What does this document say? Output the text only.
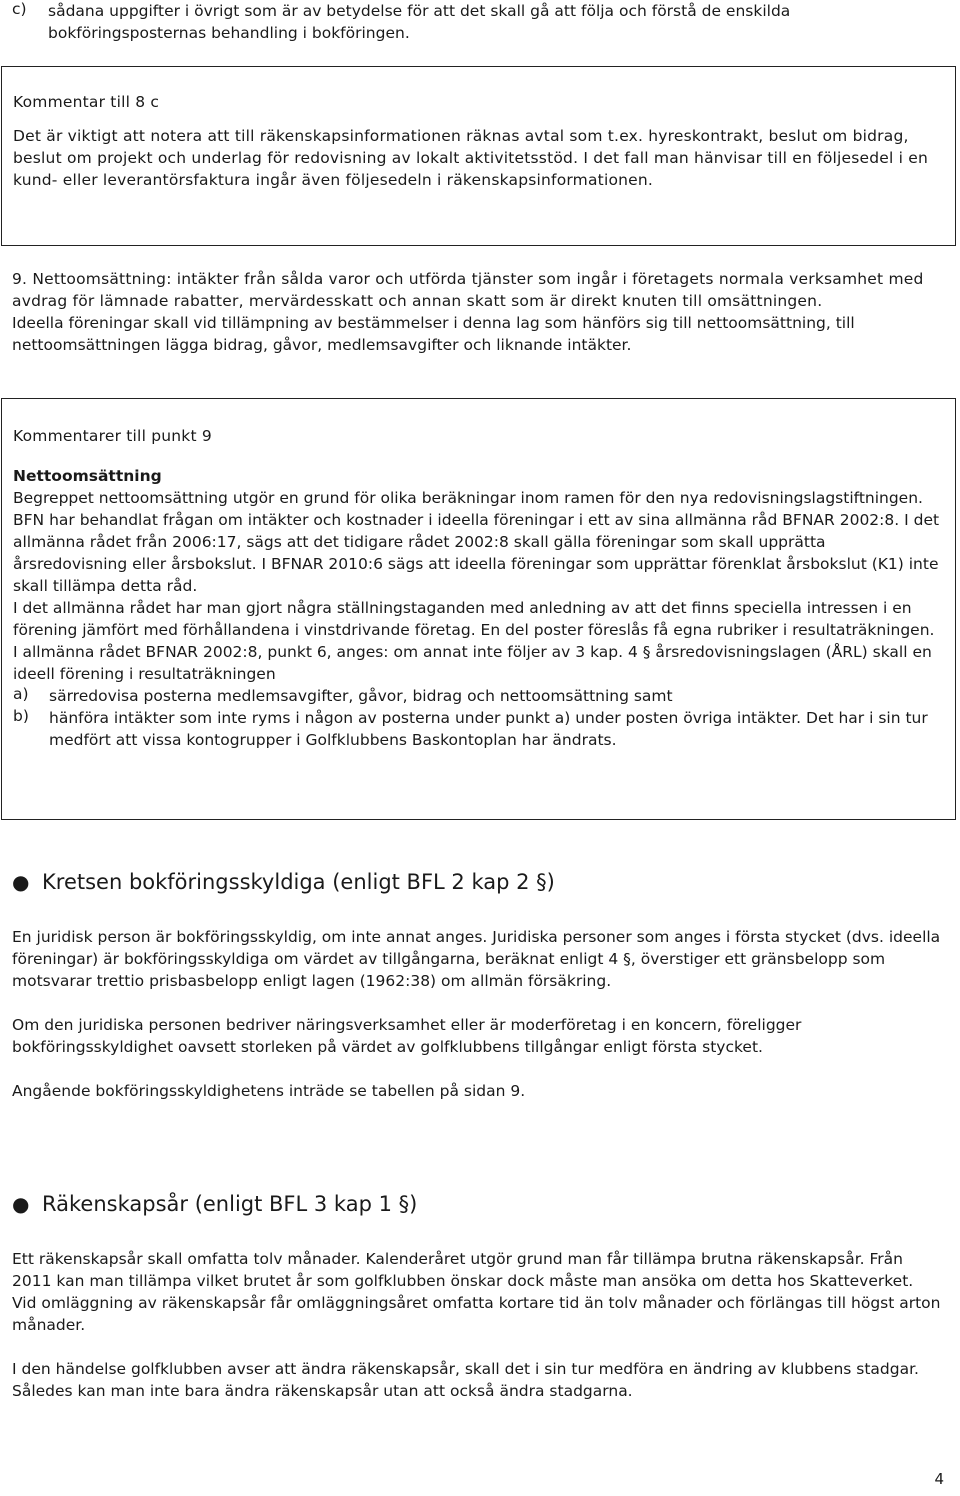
c)	sådana uppgifter i övrigt som är av betydelse för att det skall gå att följa och förstå de enskilda bokföringsposternas behandling i bokföringen.

Kommentar till 8 c

Det är viktigt att notera att till räkenskapsinformationen räknas avtal som t.ex. hyreskontrakt, beslut om bidrag, beslut om projekt och underlag för redovisning av lokalt aktivitetsstöd. I det fall man hänvisar till en följesedel i en kund- eller leverantörsfaktura ingår även följesedeln i räkenskapsinformationen.

9. Nettoomsättning: intäkter från sålda varor och utförda tjänster som ingår i företagets normala verksamhet med avdrag för lämnade rabatter, mervärdesskatt och annan skatt som är direkt knuten till omsättningen.

Ideella föreningar skall vid tillämpning av bestämmelser i denna lag som hänförs sig till nettoomsättning, till nettoomsättningen lägga bidrag, gåvor, medlemsavgifter och liknande intäkter.

Kommentarer till punkt 9

Nettoomsättning

Begreppet nettoomsättning utgör en grund för olika beräkningar inom ramen för den nya redovisningslagstiftningen. BFN har behandlat frågan om intäkter och kostnader i ideella föreningar i ett av sina allmänna råd BFNAR 2002:8. I det allmänna rådet från 2006:17, sägs att det tidigare rådet 2002:8 skall gälla föreningar som skall upprätta årsredovisning eller årsbokslut. I BFNAR 2010:6 sägs att ideella föreningar som upprättar förenklat årsbokslut (K1) inte skall tillämpa detta råd.

I det allmänna rådet har man gjort några ställningstaganden med anledning av att det finns speciella intressen i en förening jämfört med förhållandena i vinstdrivande företag. En del poster föreslås få egna rubriker i resultaträkningen.

I allmänna rådet BFNAR 2002:8, punkt 6, anges: om annat inte följer av 3 kap. 4 § årsredovisningslagen (ÅRL) skall en ideell förening i resultaträkningen

a)	särredovisa posterna medlemsavgifter, gåvor, bidrag och nettoomsättning samt

b)	hänföra intäkter som inte ryms i någon av posterna under punkt a) under posten övriga intäkter. Det har i sin tur medfört att vissa kontogrupper i Golfklubbens Baskontoplan har ändrats.

● Kretsen bokföringsskyldiga (enligt BFL 2 kap 2 §)

En juridisk person är bokföringsskyldig, om inte annat anges. Juridiska personer som anges i första stycket (dvs. ideella föreningar) är bokföringsskyldiga om värdet av tillgångarna, beräknat enligt 4 §, överstiger ett gränsbelopp som motsvarar trettio prisbasbelopp enligt lagen (1962:38) om allmän försäkring.

Om den juridiska personen bedriver näringsverksamhet eller är moderföretag i en koncern, föreligger bokföringsskyldighet oavsett storleken på värdet av golfklubbens tillgångar enligt första stycket.

Angående bokföringsskyldighetens inträde se tabellen på sidan 9.

● Räkenskapsår (enligt BFL 3 kap 1 §)

Ett räkenskapsår skall omfatta tolv månader. Kalenderåret utgör grund man får tillämpa brutna räkenskapsår. Från 2011 kan man tillämpa vilket brutet år som golfklubben önskar dock måste man ansöka om detta hos Skatteverket.

Vid omläggning av räkenskapsår får omläggningsåret omfatta kortare tid än tolv månader och förlängas till högst arton månader.

I den händelse golfklubben avser att ändra räkenskapsår, skall det i sin tur medföra en ändring av klubbens stadgar. Således kan man inte bara ändra räkenskapsår utan att också ändra stadgarna.

4
